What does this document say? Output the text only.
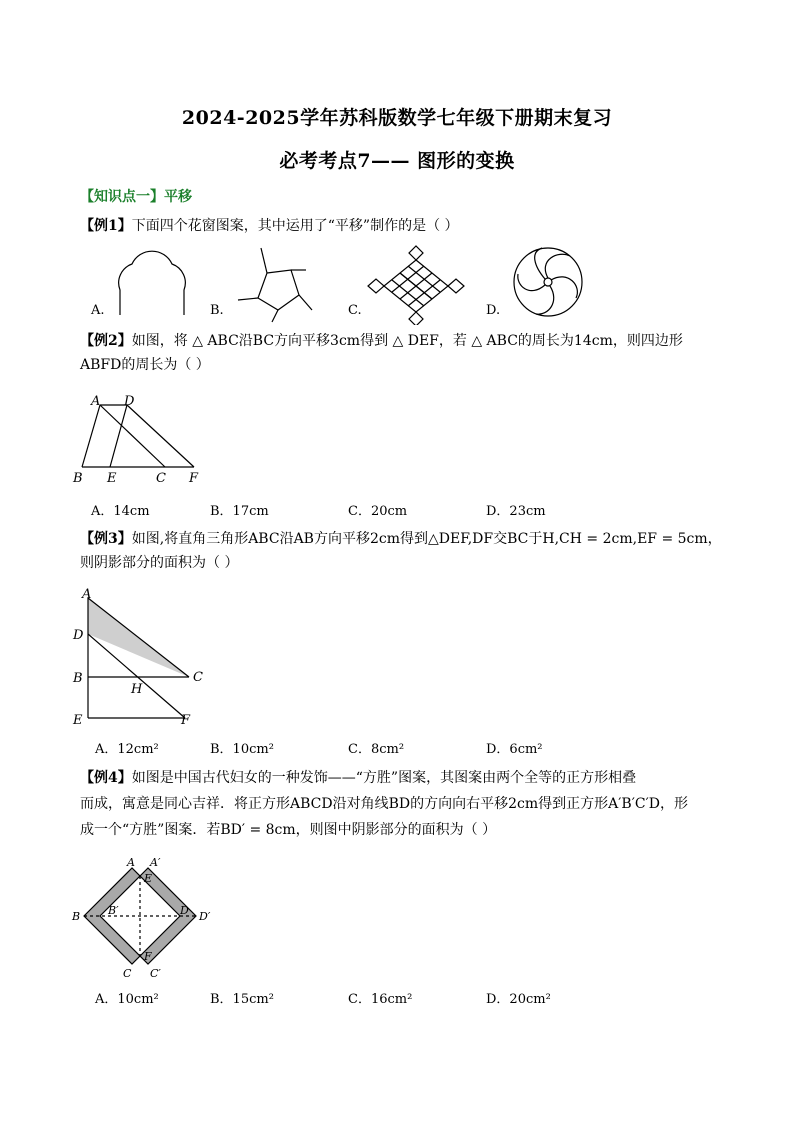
2024-2025学年苏科版数学七年级下册期末复习
必考考点7—— 图形的变换
【知识点一】平移
【例1】下面四个花窗图案，其中运用了“平移”制作的是（ ）
A.	B.	C.	D.
【例2】如图，将 △ ABC沿BC方向平移3cm得到 △ DEF，若 △ ABC的周长为14cm，则四边形
ABFD的周长为（ ）
A D
B E	C F
A．14cm	B．17cm	C．20cm	D．23cm
【例3】如图,将直角三角形ABC沿AB方向平移2cm得到△DEF,DF交BC于H,CH = 2cm,EF = 5cm，
则阴影部分的面积为（ ）
A
D
B
E
H
C
F
A．12cm²	B．10cm²	C．8cm²	D．6cm²
【例4】如图是中国古代妇女的一种发饰——“方胜”图案，其图案由两个全等的正方形相叠
而成，寓意是同心吉祥．将正方形ABCD沿对角线BD的方向向右平移2cm得到正方形A′B′C′D，形
成一个“方胜”图案．若BD′ = 8cm，则图中阴影部分的面积为（ ）
A A′
E
B	B′	D D′
F
C C′
A．10cm²	B．15cm²	C．16cm²	D．20cm²
